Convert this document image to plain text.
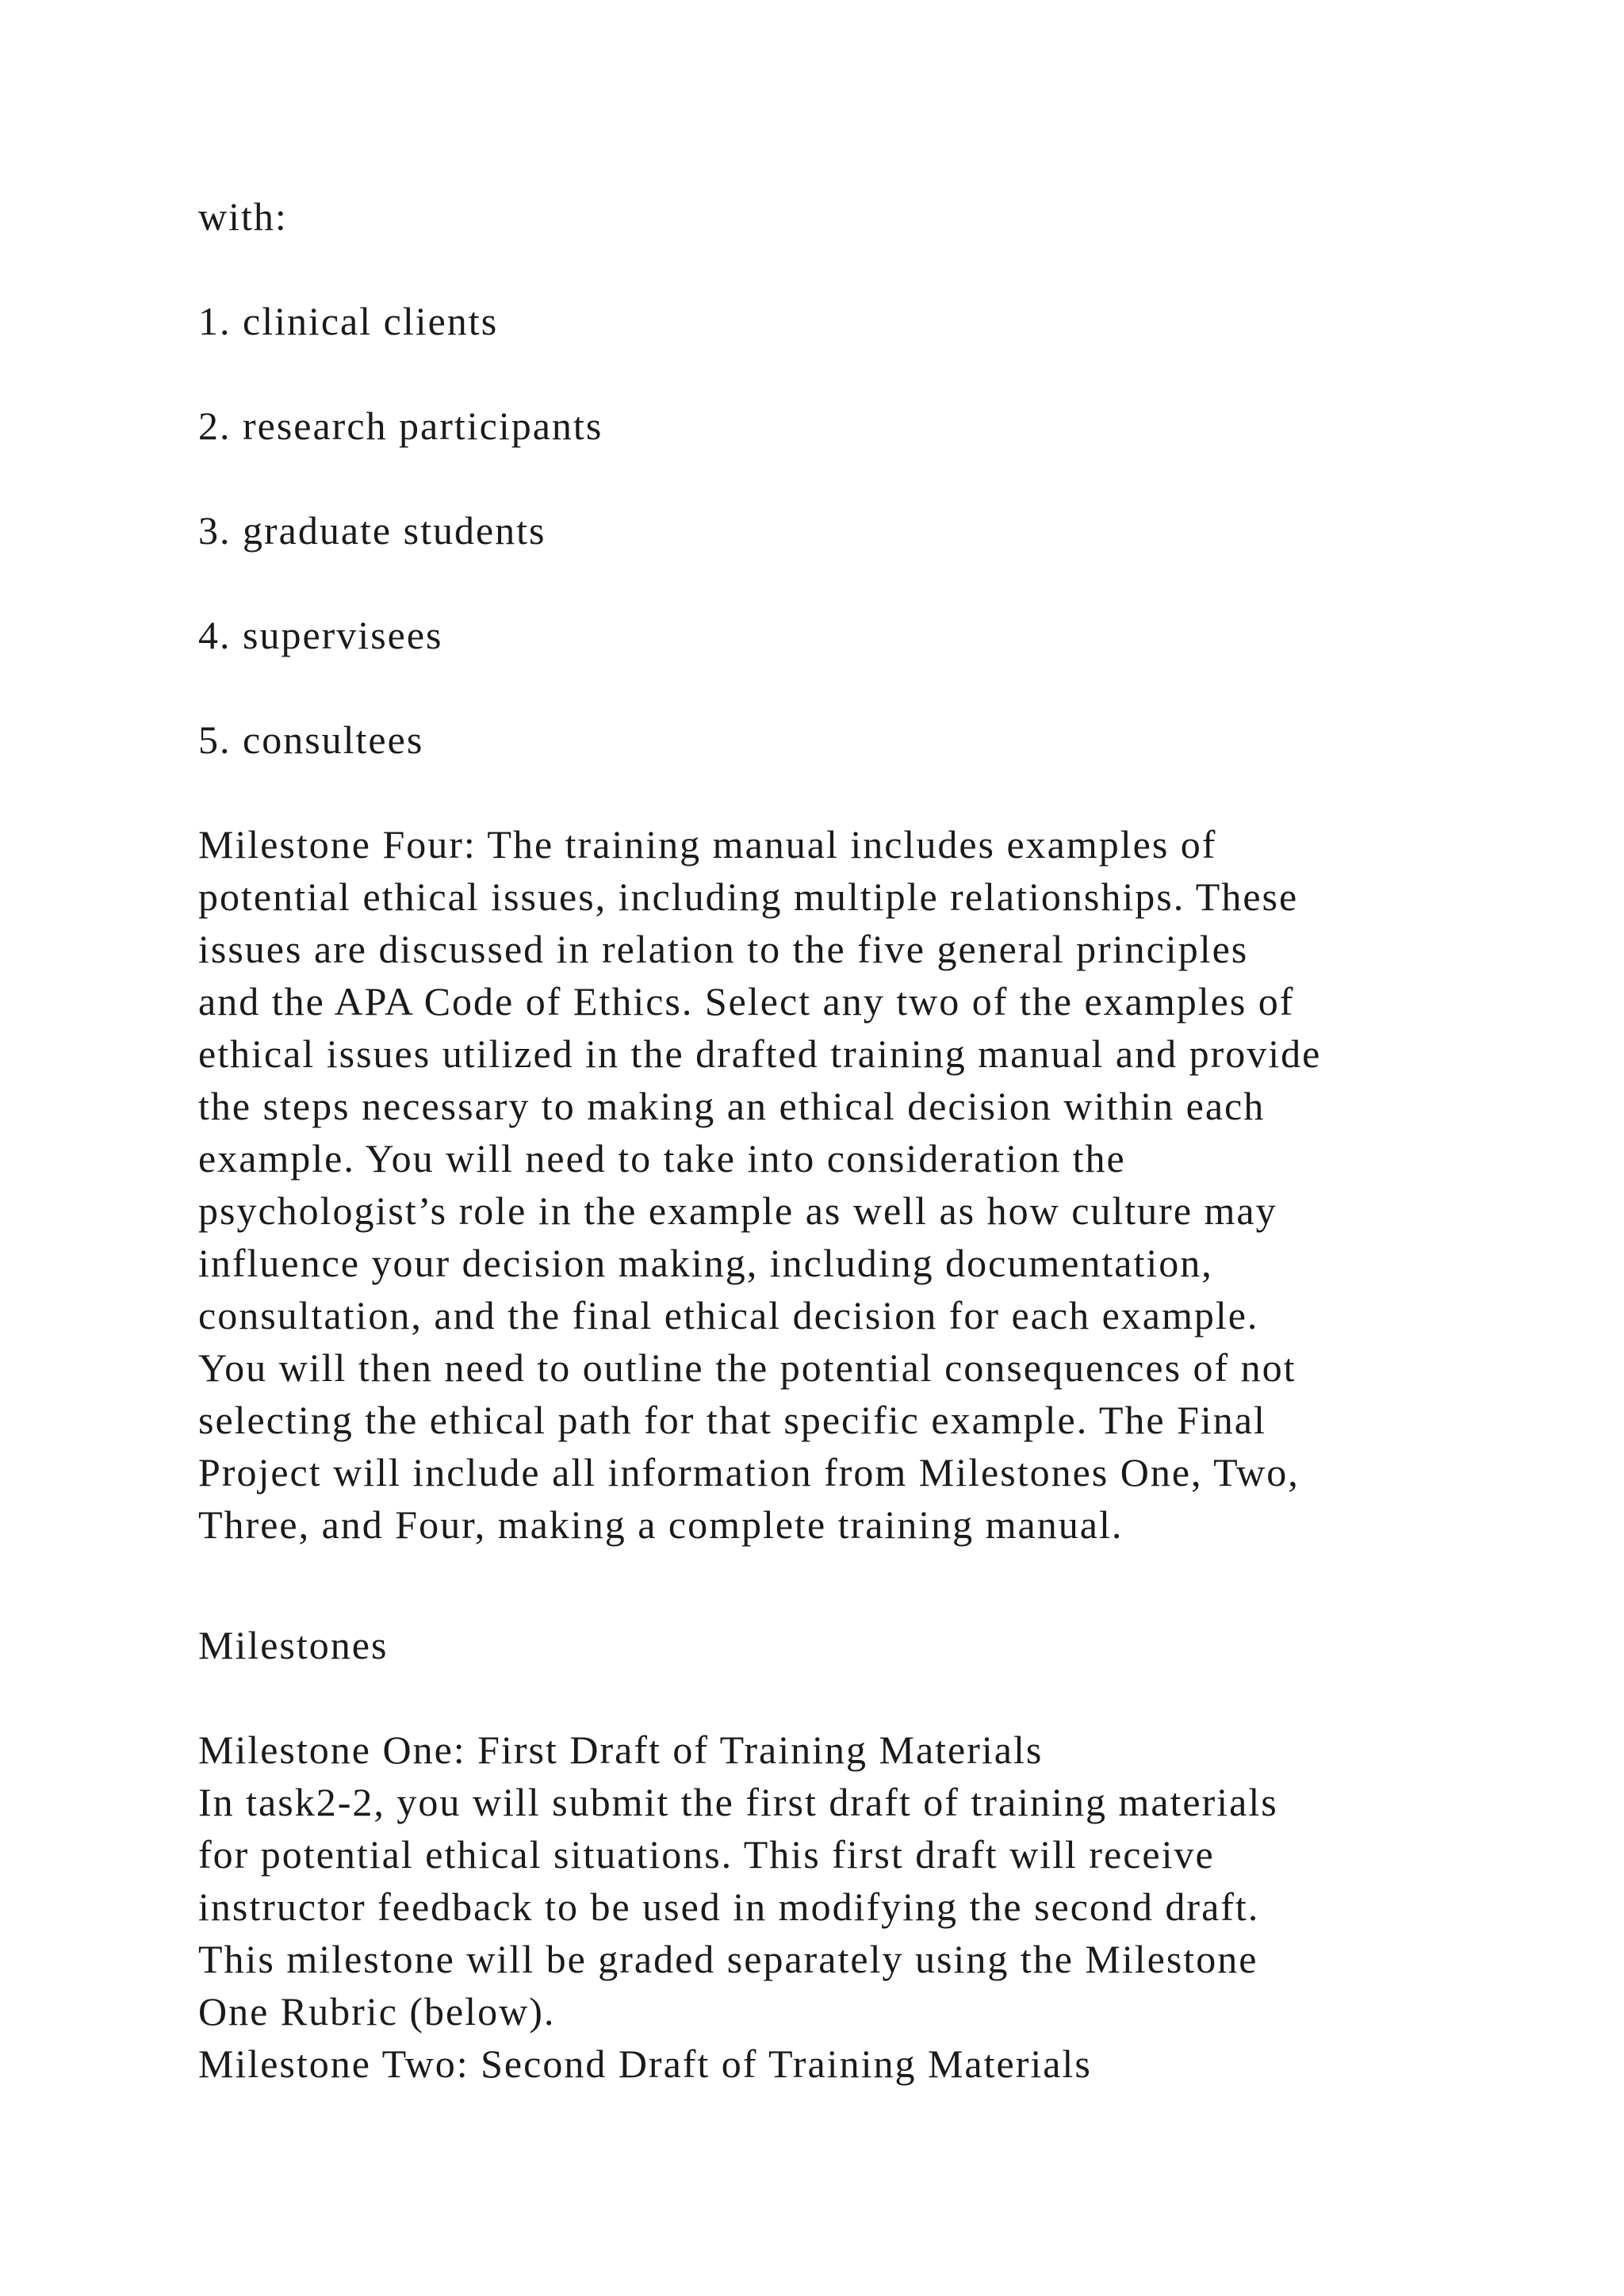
with:

1. clinical clients

2. research participants

3. graduate students

4. supervisees

5. consultees

Milestone Four: The training manual includes examples of
potential ethical issues, including multiple relationships. These
issues are discussed in relation to the five general principles
and the APA Code of Ethics. Select any two of the examples of
ethical issues utilized in the drafted training manual and provide
the steps necessary to making an ethical decision within each
example. You will need to take into consideration the
psychologist’s role in the example as well as how culture may
influence your decision making, including documentation,
consultation, and the final ethical decision for each example.
You will then need to outline the potential consequences of not
selecting the ethical path for that specific example. The Final
Project will include all information from Milestones One, Two,
Three, and Four, making a complete training manual.

Milestones

Milestone One: First Draft of Training Materials
In task2-2, you will submit the first draft of training materials
for potential ethical situations. This first draft will receive
instructor feedback to be used in modifying the second draft.
This milestone will be graded separately using the Milestone
One Rubric (below).
Milestone Two: Second Draft of Training Materials
